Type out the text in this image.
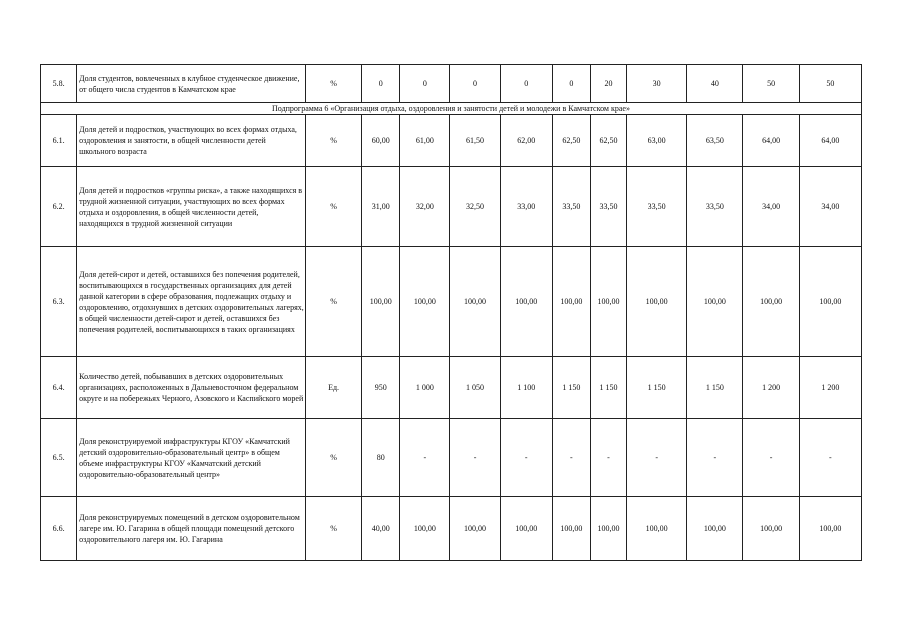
5.8.	Доля студентов, вовлеченных в клубное студенческое движение, от общего числа студентов в Камчатском крае	%	0	0	0	0	0	20	30	40	50	50
Подпрограмма 6 «Организация отдыха, оздоровления и занятости детей и молодежи в Камчатском крае»												
6.1.	Доля детей и подростков, участвующих во всех формах отдыха, оздоровления и занятости, в общей численности детей школьного возраста	%	60,00	61,00	61,50	62,00	62,50	62,50	63,00	63,50	64,00	64,00
6.2.	Доля детей и подростков «группы риска», а также находящихся в трудной жизненной ситуации, участвующих во всех формах отдыха и оздоровления, в общей численности детей, находящихся в трудной жизненной ситуации	%	31,00	32,00	32,50	33,00	33,50	33,50	33,50	33,50	34,00	34,00
6.3.	Доля детей-сирот и детей, оставшихся без попечения родителей, воспитывающихся в государственных организациях для детей данной категории в сфере образования, подлежащих отдыху и оздоровлению, отдохнувших в детских оздоровительных лагерях, в общей численности детей-сирот и детей, оставшихся без попечения родителей, воспитывающихся в таких организациях	%	100,00	100,00	100,00	100,00	100,00	100,00	100,00	100,00	100,00	100,00
6.4.	Количество детей, побывавших в детских оздоровительных организациях, расположенных в Дальневосточном федеральном округе и на побережьях Черного, Азовского и Каспийского морей	Ед.	950	1 000	1 050	1 100	1 150	1 150	1 150	1 150	1 200	1 200
6.5.	Доля реконструируемой инфраструктуры КГОУ «Камчатский детский оздоровительно-образовательный центр» в общем объеме инфраструктуры КГОУ «Камчатский детский оздоровительно-образовательный центр»	%	80	-	-	-	-	-	-	-	-	-
6.6.	Доля реконструируемых помещений в детском оздоровительном лагере им. Ю. Гагарина в общей площади помещений детского оздоровительного лагеря им. Ю. Гагарина	%	40,00	100,00	100,00	100,00	100,00	100,00	100,00	100,00	100,00	100,00
